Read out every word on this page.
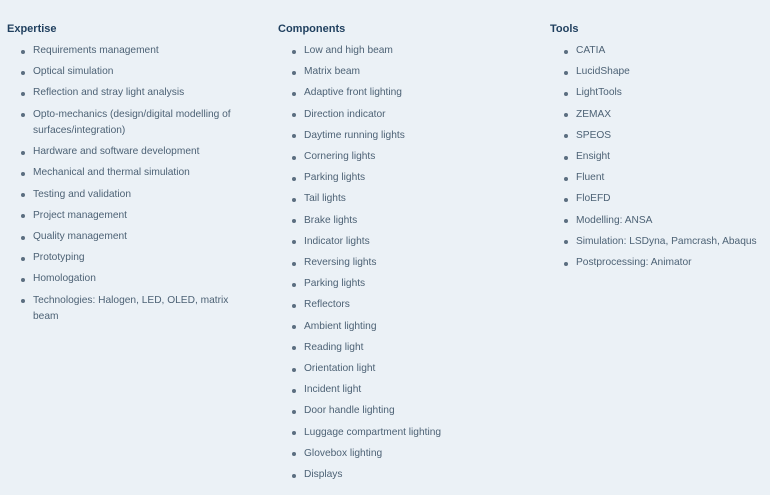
Expertise
Requirements management
Optical simulation
Reflection and stray light analysis
Opto-mechanics (design/digital modelling of surfaces/integration)
Hardware and software development
Mechanical and thermal simulation
Testing and validation
Project management
Quality management
Prototyping
Homologation
Technologies: Halogen, LED, OLED, matrix beam
Components
Low and high beam
Matrix beam
Adaptive front lighting
Direction indicator
Daytime running lights
Cornering lights
Parking lights
Tail lights
Brake lights
Indicator lights
Reversing lights
Parking lights
Reflectors
Ambient lighting
Reading light
Orientation light
Incident light
Door handle lighting
Luggage compartment lighting
Glovebox lighting
Displays
Tools
CATIA
LucidShape
LightTools
ZEMAX
SPEOS
Ensight
Fluent
FloEFD
Modelling: ANSA
Simulation: LSDyna, Pamcrash, Abaqus
Postprocessing: Animator
